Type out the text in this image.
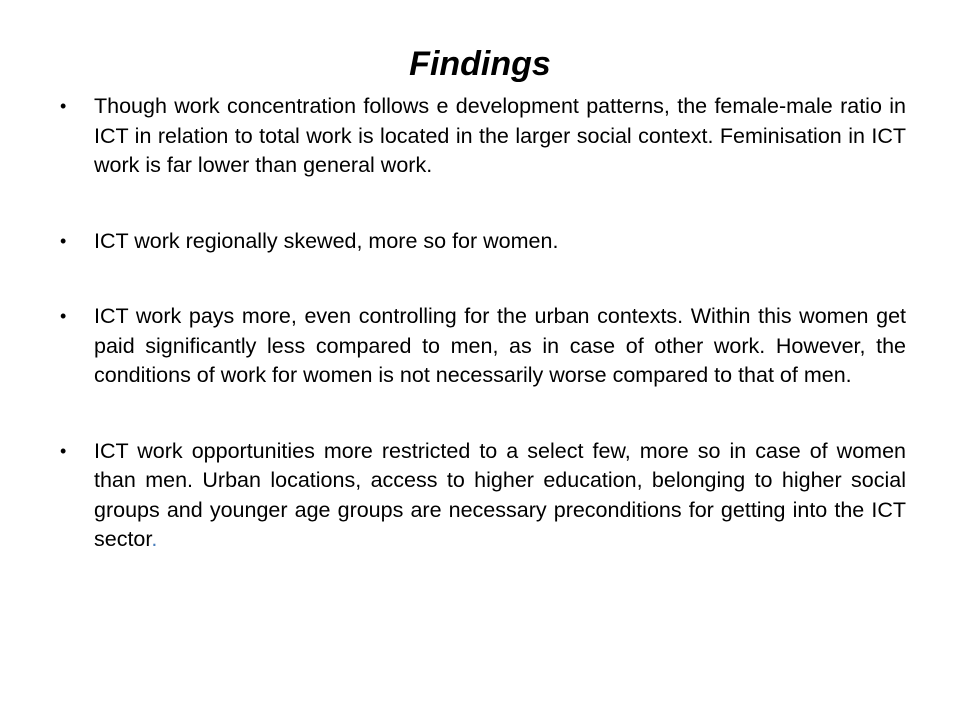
Findings
•	Though work concentration follows e development patterns, the female-male ratio in ICT in relation to total work is located in the larger social context. Feminisation in ICT work is far lower than general work.
•	ICT work regionally skewed, more so for women.
•	ICT work pays more, even controlling for the urban contexts. Within this women get paid significantly less compared to men, as in case of other work. However, the conditions of work for women is not necessarily worse compared to that of men.
•	ICT work opportunities more restricted to a select few, more so in case of women than men. Urban locations, access to higher education, belonging to higher social groups and younger age groups are necessary preconditions for getting into the ICT sector.
